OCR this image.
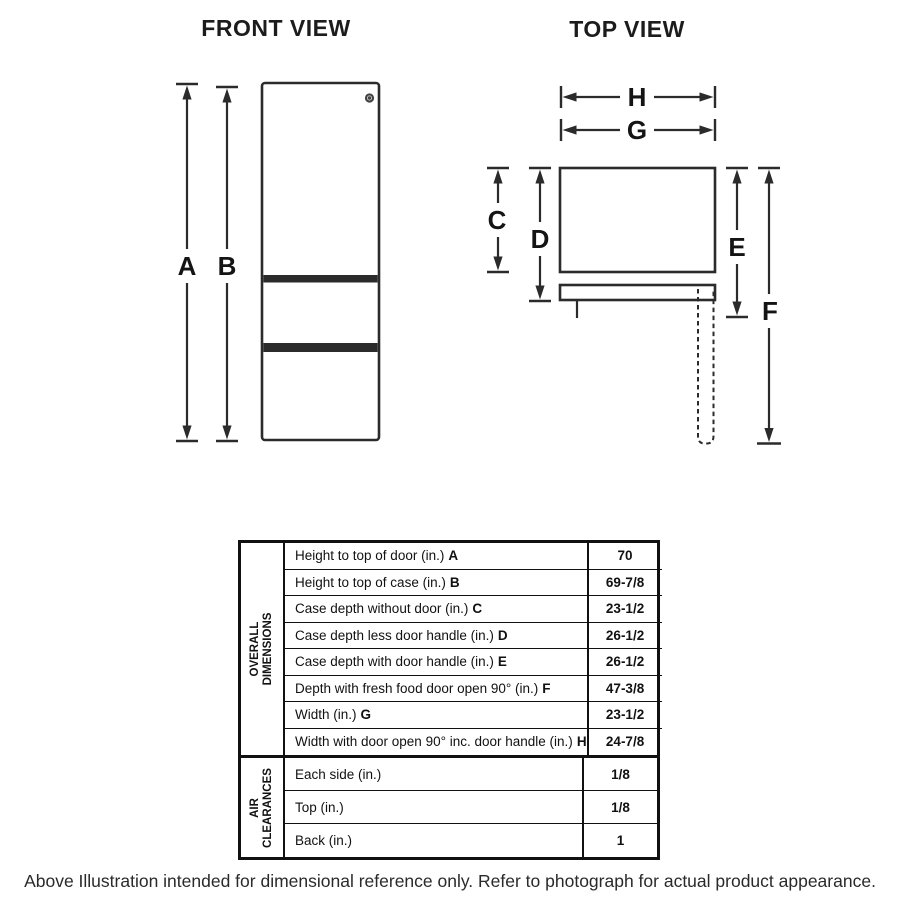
FRONT VIEW	TOP VIEW
A B
H
G
C
D	E
F
OVERALL DIMENSIONS
Height to top of door (in.) A	70
Height to top of case (in.) B	69-7/8
Case depth without door (in.) C	23-1/2
Case depth less door handle (in.) D	26-1/2
Case depth with door handle (in.) E	26-1/2
Depth with fresh food door open 90° (in.) F	47-3/8
Width (in.) G	23-1/2
Width with door open 90° inc. door handle (in.) H	24-7/8
AIR CLEARANCES Each side (in.)	1/8
Top (in.)	1/8
Back (in.)	1
Above Illustration intended for dimensional reference only. Refer to photograph for actual product appearance.
